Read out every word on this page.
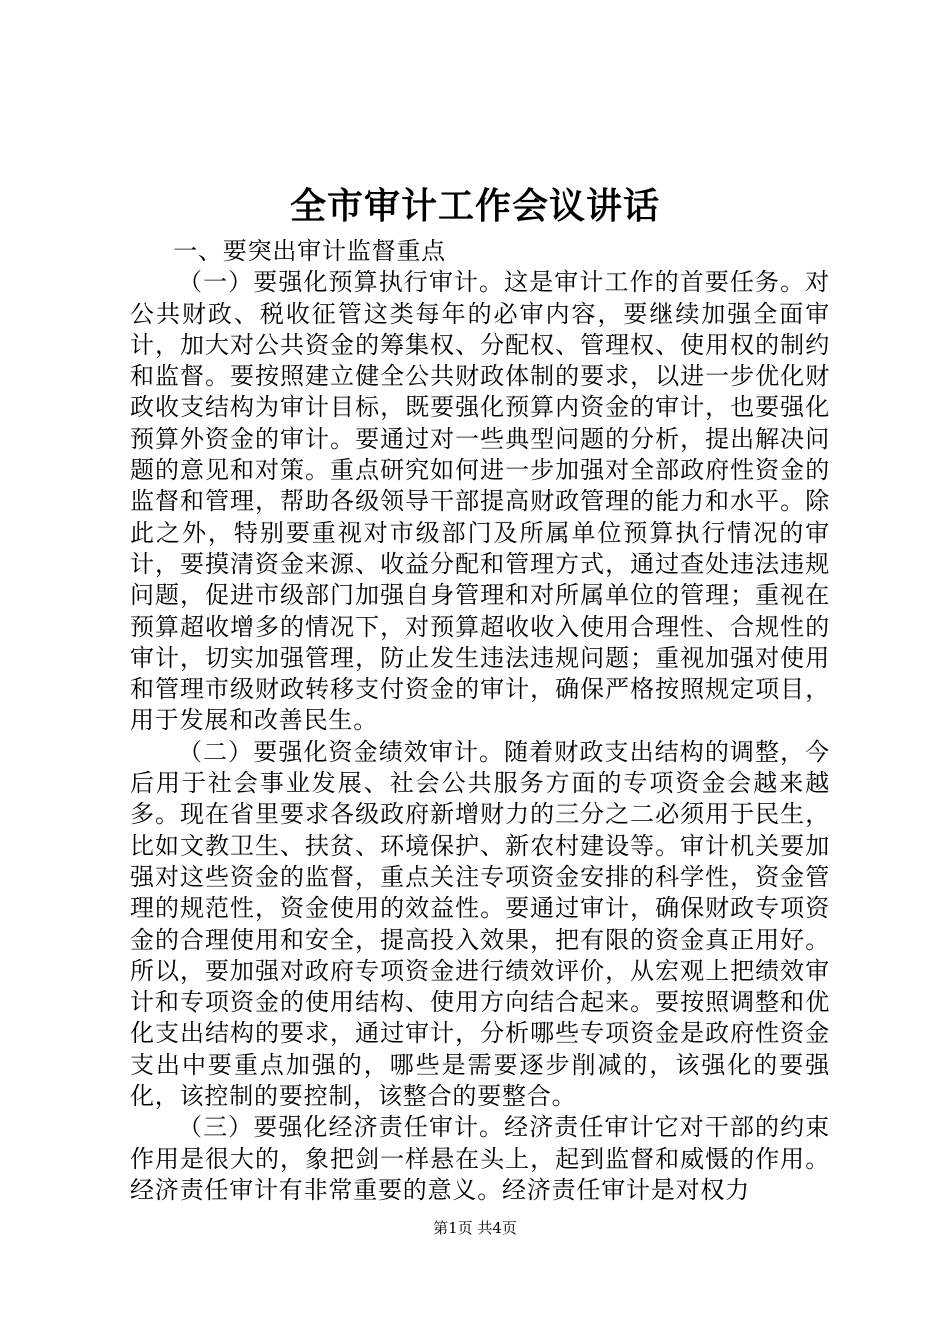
全市审计工作会议讲话

一、要突出审计监督重点

（一）要强化预算执行审计。这是审计工作的首要任务。对公共财政、税收征管这类每年的必审内容，要继续加强全面审计，加大对公共资金的筹集权、分配权、管理权、使用权的制约和监督。要按照建立健全公共财政体制的要求，以进一步优化财政收支结构为审计目标，既要强化预算内资金的审计，也要强化预算外资金的审计。要通过对一些典型问题的分析，提出解决问题的意见和对策。重点研究如何进一步加强对全部政府性资金的监督和管理，帮助各级领导干部提高财政管理的能力和水平。除此之外，特别要重视对市级部门及所属单位预算执行情况的审计，要摸清资金来源、收益分配和管理方式，通过查处违法违规问题，促进市级部门加强自身管理和对所属单位的管理；重视在预算超收增多的情况下，对预算超收收入使用合理性、合规性的审计，切实加强管理，防止发生违法违规问题；重视加强对使用和管理市级财政转移支付资金的审计，确保严格按照规定项目，用于发展和改善民生。

（二）要强化资金绩效审计。随着财政支出结构的调整，今后用于社会事业发展、社会公共服务方面的专项资金会越来越多。现在省里要求各级政府新增财力的三分之二必须用于民生，比如文教卫生、扶贫、环境保护、新农村建设等。审计机关要加强对这些资金的监督，重点关注专项资金安排的科学性，资金管理的规范性，资金使用的效益性。要通过审计，确保财政专项资金的合理使用和安全，提高投入效果，把有限的资金真正用好。所以，要加强对政府专项资金进行绩效评价，从宏观上把绩效审计和专项资金的使用结构、使用方向结合起来。要按照调整和优化支出结构的要求，通过审计，分析哪些专项资金是政府性资金支出中要重点加强的，哪些是需要逐步削减的，该强化的要强化，该控制的要控制，该整合的要整合。

（三）要强化经济责任审计。经济责任审计它对干部的约束作用是很大的，象把剑一样悬在头上，起到监督和威慑的作用。经济责任审计有非常重要的意义。经济责任审计是对权力

第1页 共4页
